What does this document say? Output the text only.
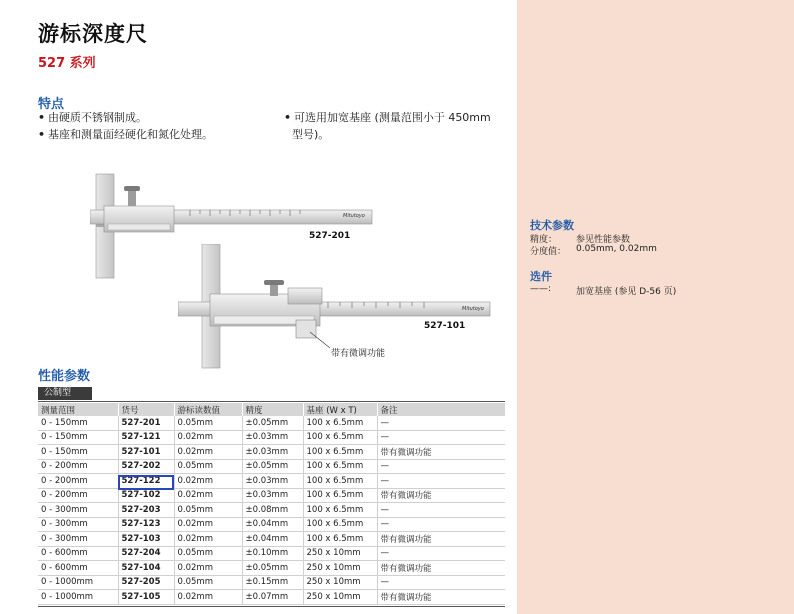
游标深度尺
527 系列
特点
• 由硬质不锈钢制成。
• 基座和测量面经硬化和氮化处理。
• 可选用加宽基座 (测量范围小于 450mm
型号)。
Mitutoyo
527-201
Mitutoyo
527-101
带有微调功能
性能参数
公制型
测量范围	货号	游标读数值	精度	基座 (W x T)	备注
0 - 150mm	527-201	0.05mm	±0.05mm	100 x 6.5mm	—
0 - 150mm	527-121	0.02mm	±0.03mm	100 x 6.5mm	—
0 - 150mm	527-101	0.02mm	±0.03mm	100 x 6.5mm	带有微调功能
0 - 200mm	527-202	0.05mm	±0.05mm	100 x 6.5mm	—
0 - 200mm	527-122	0.02mm	±0.03mm	100 x 6.5mm	—
0 - 200mm	527-102	0.02mm	±0.03mm	100 x 6.5mm	带有微调功能
0 - 300mm	527-203	0.05mm	±0.08mm	100 x 6.5mm	—
0 - 300mm	527-123	0.02mm	±0.04mm	100 x 6.5mm	—
0 - 300mm	527-103	0.02mm	±0.04mm	100 x 6.5mm	带有微调功能
0 - 600mm	527-204	0.05mm	±0.10mm	250 x 10mm	—
0 - 600mm	527-104	0.02mm	±0.05mm	250 x 10mm	带有微调功能
0 - 1000mm	527-205	0.05mm	±0.15mm	250 x 10mm	—
0 - 1000mm	527-105	0.02mm	±0.07mm	250 x 10mm	带有微调功能
技术参数
精度： 参见性能参数
分度值： 0.05mm, 0.02mm
选件
——:	加宽基座 (参见 D-56 页)
